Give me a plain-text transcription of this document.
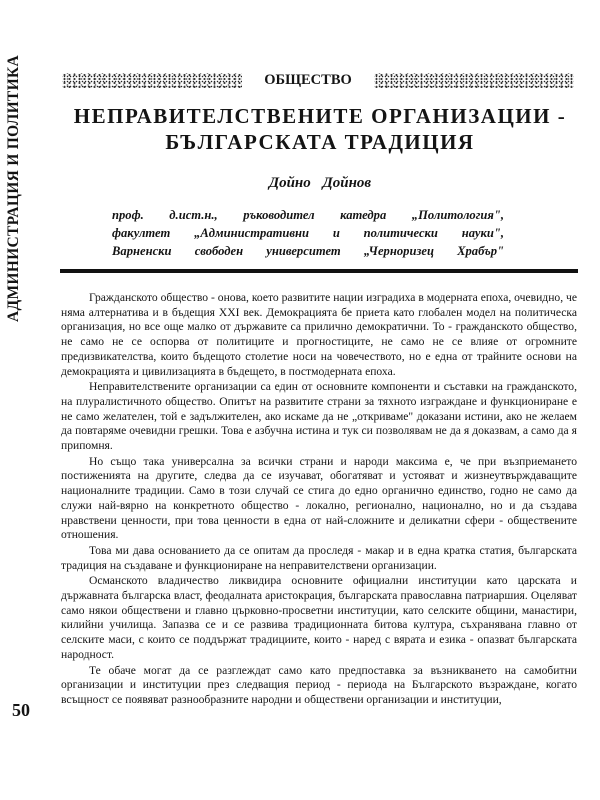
АДМИНИСТРАЦИЯ И ПОЛИТИКА
50
ОБЩЕСТВО
НЕПРАВИТЕЛСТВЕНИТЕ ОРГАНИЗАЦИИ -
БЪЛГАРСКАТА ТРАДИЦИЯ
Дойно Дойнов
проф. д.ист.н., ръководител катедра „Политология",
факултет „Административни и политически науки",
Варненски свободен университет „Черноризец Храбър"

Гражданското общество - онова, което развитите нации изградиха в модерната епоха, очевидно, че няма алтернатива и в бъдещия XXI век. Демокрацията бе приета като глобален модел на политическа организация, но все още малко от държавите са прилично демократични. То - гражданското общество, не само не се оспорва от политиците и прогностиците, не само не се влияе от огромните предизвикателства, които бъдещото столетие носи на човечеството, но е една от трайните основи на демокрацията и цивилизацията в бъдещето, в постмодерната епоха.

Неправителствените организации са един от основните компоненти и съставки на гражданското, на плуралистичното общество. Опитът на развитите страни за тяхното изграждане и функциониране е не само желателен, той е задължителен, ако искаме да не „откриваме" доказани истини, ако не желаем да повтаряме очевидни грешки. Това е азбучна истина и тук си позволявам не да я доказвам, а само да я припомня.

Но също така универсална за всички страни и народи максима е, че при възприемането постиженията на другите, следва да се изучават, обогатяват и устояват и жизнеутвърждаващите националните традиции. Само в този случай се стига до едно органично единство, годно не само да служи най-вярно на конкретното общество - локално, регионално, национално, но и да създава нравствени ценности, при това ценности в една от най-сложните и деликатни сфери - обществените отношения.

Това ми дава основанието да се опитам да проследя - макар и в една кратка статия, българската традиция на създаване и функциониране на неправителствени организации.

Османското владичество ликвидира основните официални институции като царската и държавната българска власт, феодалната аристокрация, българската православна патриаршия. Оцеляват само някои обществени и главно църковно-просветни институции, като селските общини, манастири, килийни училища. Запазва се и се развива традиционната битова култура, съхранявана главно от селските маси, с които се поддържат традициите, които - наред с вярата и езика - опазват българската народност.

Те обаче могат да се разглеждат само като предпоставка за възникването на самобитни организации и институции през следващия период - периода на Българското възраждане, когато всъщност се появяват разнообразните народни и обществени организации и институции,
